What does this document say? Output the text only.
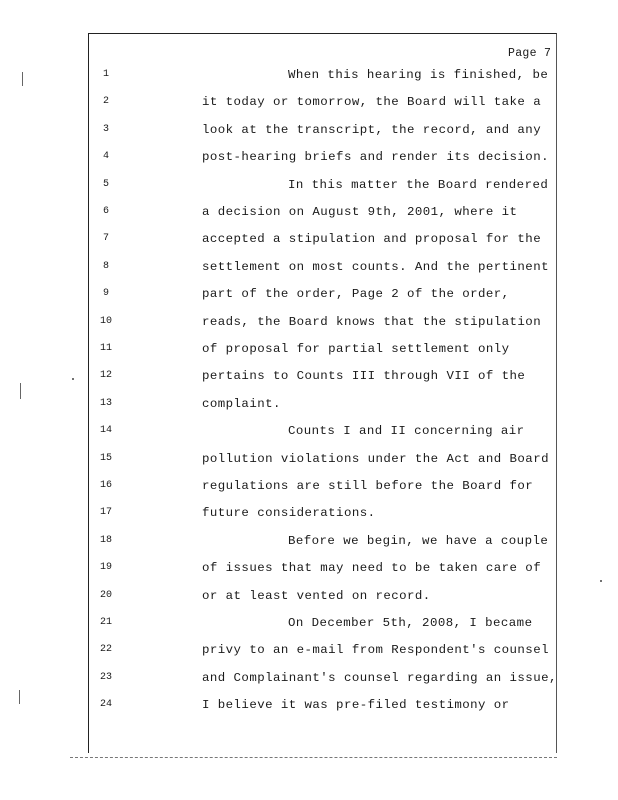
Page 7
1	When this hearing is finished, be
2	it today or tomorrow, the Board will take a
3	look at the transcript, the record, and any
4	post-hearing briefs and render its decision.
5	In this matter the Board rendered
6	a decision on August 9th, 2001, where it
7	accepted a stipulation and proposal for the
8	settlement on most counts. And the pertinent
9	part of the order, Page 2 of the order,
10	reads, the Board knows that the stipulation
11	of proposal for partial settlement only
12	pertains to Counts III through VII of the
13	complaint.
14	Counts I and II concerning air
15	pollution violations under the Act and Board
16	regulations are still before the Board for
17	future considerations.
18	Before we begin, we have a couple
19	of issues that may need to be taken care of
20	or at least vented on record.
21	On December 5th, 2008, I became
22	privy to an e-mail from Respondent's counsel
23	and Complainant's counsel regarding an issue,
24	I believe it was pre-filed testimony or
